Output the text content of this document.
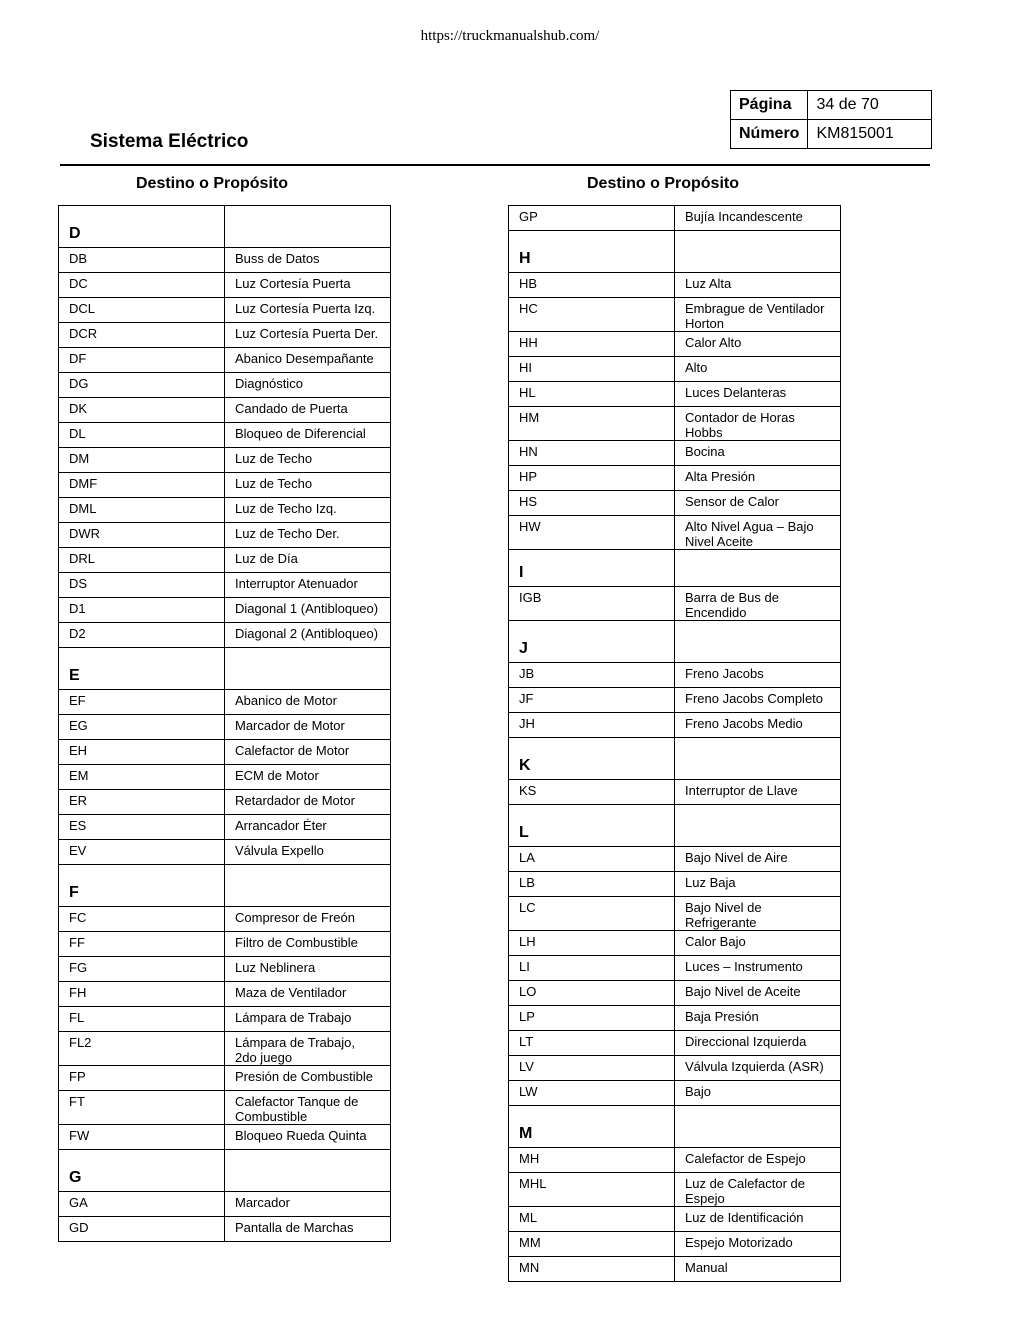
https://truckmanualshub.com/
Sistema Eléctrico
Página	34 de 70
Número	KM815001
Destino o Propósito	Destino o Propósito
D	
DB	Buss de Datos
DC	Luz Cortesía Puerta
DCL	Luz Cortesía Puerta Izq.
DCR	Luz Cortesía Puerta Der.
DF	Abanico Desempañante
DG	Diagnóstico
DK	Candado de Puerta
DL	Bloqueo de Diferencial
DM	Luz de Techo
DMF	Luz de Techo
DML	Luz de Techo Izq.
DWR	Luz de Techo Der.
DRL	Luz de Día
DS	Interruptor Atenuador
D1	Diagonal 1 (Antibloqueo)
D2	Diagonal 2 (Antibloqueo)
E	
EF	Abanico de Motor
EG	Marcador de Motor
EH	Calefactor de Motor
EM	ECM de Motor
ER	Retardador de Motor
ES	Arrancador Éter
EV	Válvula Expello
F	
FC	Compresor de Freón
FF	Filtro de Combustible
FG	Luz Neblinera
FH	Maza de Ventilador
FL	Lámpara de Trabajo
FL2	Lámpara de Trabajo, 2do juego
FP	Presión de Combustible
FT	Calefactor Tanque de Combustible
FW	Bloqueo Rueda Quinta
G	
GA	Marcador
GD	Pantalla de Marchas
GP	Bujía Incandescente
H	
HB	Luz Alta
HC	Embrague de Ventilador Horton
HH	Calor Alto
HI	Alto
HL	Luces Delanteras
HM	Contador de Horas Hobbs
HN	Bocina
HP	Alta Presión
HS	Sensor de Calor
HW	Alto Nivel Agua – Bajo Nivel Aceite
I	
IGB	Barra de Bus de Encendido
J	
JB	Freno Jacobs
JF	Freno Jacobs Completo
JH	Freno Jacobs Medio
K	
KS	Interruptor de Llave
L	
LA	Bajo Nivel de Aire
LB	Luz Baja
LC	Bajo Nivel de Refrigerante
LH	Calor Bajo
LI	Luces – Instrumento
LO	Bajo Nivel de Aceite
LP	Baja Presión
LT	Direccional Izquierda
LV	Válvula Izquierda (ASR)
LW	Bajo
M	
MH	Calefactor de Espejo
MHL	Luz de Calefactor de Espejo
ML	Luz de Identificación
MM	Espejo Motorizado
MN	Manual
